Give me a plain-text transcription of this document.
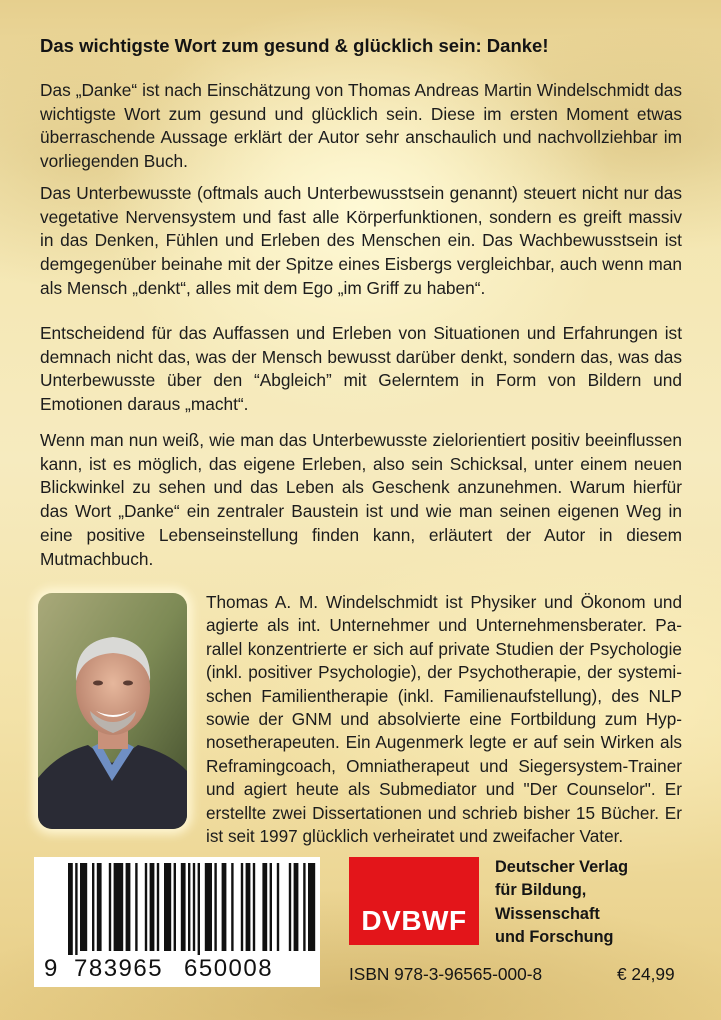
Das wichtigste Wort zum gesund & glücklich sein: Danke!

Das „Danke“ ist nach Einschätzung von Thomas Andreas Martin Windelschmidt das wichtigste Wort zum gesund und glücklich sein. Diese im ersten Moment etwas überraschende Aussage erklärt der Autor sehr anschaulich und nachvollziehbar im vorliegenden Buch.

Das Unterbewusste (oftmals auch Unterbewusstsein genannt) steuert nicht nur das vegetative Nervensystem und fast alle Körperfunktionen, sondern es greift massiv in das Denken, Fühlen und Erleben des Menschen ein. Das Wachbewusstsein ist demgegenüber beinahe mit der Spitze eines Eisbergs vergleichbar, auch wenn man als Mensch „denkt“, alles mit dem Ego „im Griff zu haben“.

Entscheidend für das Auffassen und Erleben von Situationen und Erfahrungen ist demnach nicht das, was der Mensch bewusst darüber denkt, sondern das, was das Unterbewusste über den “Abgleich” mit Gelerntem in Form von Bildern und Emotionen daraus „macht“.

Wenn man nun weiß, wie man das Unterbewusste zielorientiert positiv beeinflussen kann, ist es möglich, das eigene Erleben, also sein Schicksal, unter einem neuen Blickwinkel zu sehen und das Leben als Geschenk anzunehmen. Warum hierfür das Wort „Danke“ ein zentraler Baustein ist und wie man seinen eigenen Weg in eine positive Lebenseinstellung finden kann, erläutert der Autor in diesem Mutmachbuch.

Thomas A. M. Windelschmidt ist Physiker und Ökonom und agierte als int. Unternehmer und Unternehmensberater. Parallel konzentrierte er sich auf private Studien der Psychologie (inkl. positiver Psychologie), der Psychotherapie, der systemischen Familientherapie (inkl. Familienaufstellung), des NLP sowie der GNM und absolvierte eine Fortbildung zum Hypnosetherapeuten. Ein Augenmerk legte er auf sein Wirken als Reframingcoach, Omniatherapeut und Siegersystem-Trainer und agiert heute als Submediator und "Der Counselor". Er erstellte zwei Dissertationen und schrieb bisher 15 Bücher. Er ist seit 1997 glücklich verheiratet und zweifacher Vater.

9 783965 650008
DVBWF
Deutscher Verlag
für Bildung,
Wissenschaft
und Forschung
ISBN 978-3-96565-000-8	€ 24,99
